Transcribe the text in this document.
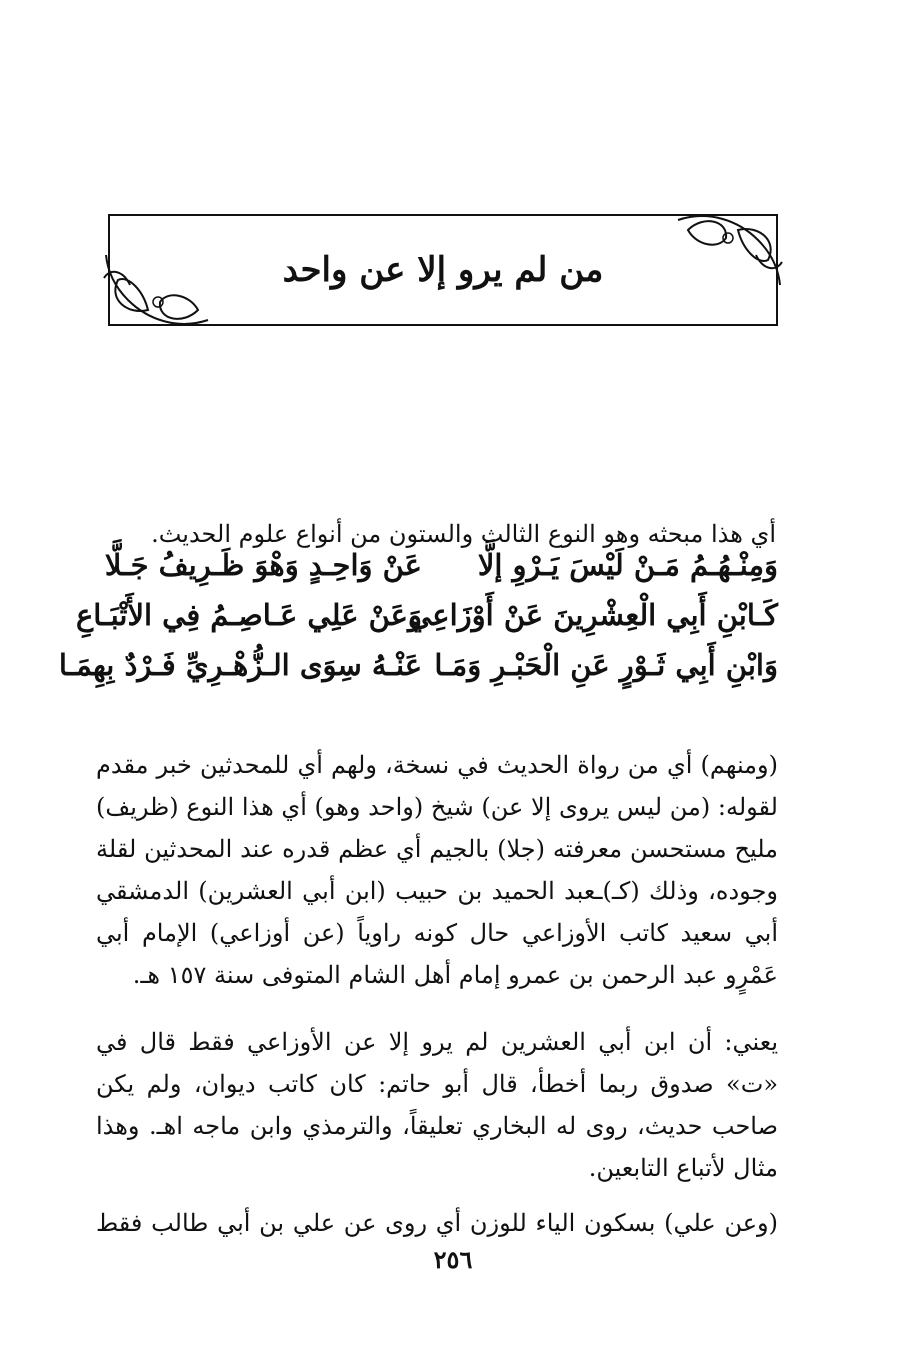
من لم يرو إلا عن واحد

أي هذا مبحثه وهو النوع الثالث والستون من أنواع علوم الحديث.

وَمِنْـهُـمُ مَـنْ لَيْسَ يَـرْوِ إلَّا
عَنْ وَاحِـدٍ وَهْوَ ظَـرِيفُ جَـلَّا
كَـابْنِ أَبِي الْعِشْرِينَ عَنْ أَوْزَاعِي
وَعَنْ عَلِي عَـاصِـمُ فِي الأَتْبَـاعِ
وَابْنِ أَبِي ثَـوْرٍ عَنِ الْحَبْـرِ وَمَـا
عَنْـهُ سِوَى الـزُّهْـرِيِّ فَـرْدٌ بِهِمَـا

(ومنهم) أي من رواة الحديث في نسخة، ولهم أي للمحدثين خبر مقدم لقوله: (من ليس يروى إلا عن) شيخ (واحد وهو) أي هذا النوع (ظريف) مليح مستحسن معرفته (جلا) بالجيم أي عظم قدره عند المحدثين لقلة وجوده، وذلك (كـ)ـعبد الحميد بن حبيب (ابن أبي العشرين) الدمشقي أبي سعيد كاتب الأوزاعي حال كونه راوياً (عن أوزاعي) الإمام أبي عَمْرٍو عبد الرحمن بن عمرو إمام أهل الشام المتوفى سنة ١٥٧ هـ.

يعني: أن ابن أبي العشرين لم يرو إلا عن الأوزاعي فقط قال في «ت» صدوق ربما أخطأ، قال أبو حاتم: كان كاتب ديوان، ولم يكن صاحب حديث، روى له البخاري تعليقاً، والترمذي وابن ماجه اهـ. وهذا مثال لأتباع التابعين.

(وعن علي) بسكون الياء للوزن أي روى عن علي بن أبي طالب فقط

٢٥٦
